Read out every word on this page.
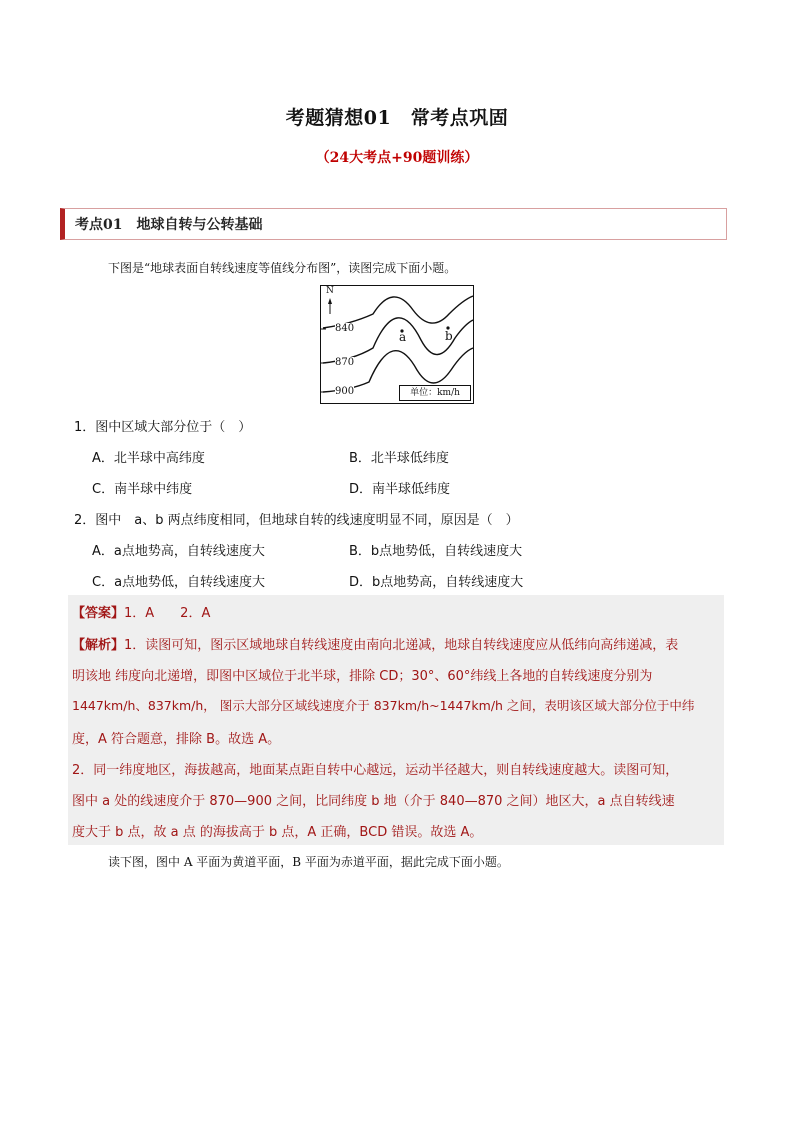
考题猜想01　常考点巩固
（24大考点+90题训练）
考点01　地球自转与公转基础
下图是“地球表面自转线速度等值线分布图”，读图完成下面小题。
N
840
870
900
a	b
单位：km/h
1．图中区域大部分位于（　）
A．北半球中高纬度	B．北半球低纬度
C．南半球中纬度	D．南半球低纬度
2．图中　a、b 两点纬度相同，但地球自转的线速度明显不同，原因是（　）
A．a点地势高，自转线速度大	B．b点地势低，自转线速度大
C．a点地势低，自转线速度大	D．b点地势高，自转线速度大
【答案】1．A　　2．A
【解析】1．读图可知，图示区域地球自转线速度由南向北递减，地球自转线速度应从低纬向高纬递减，表
明该地 纬度向北递增，即图中区域位于北半球，排除 CD；30°、60°纬线上各地的自转线速度分别为
1447km/h、837km/h， 图示大部分区域线速度介于 837km/h~1447km/h 之间，表明该区域大部分位于中纬
度，A 符合题意，排除 B。故选 A。
2．同一纬度地区，海拔越高，地面某点距自转中心越远，运动半径越大，则自转线速度越大。读图可知，
图中 a 处的线速度介于 870—900 之间，比同纬度 b 地（介于 840—870 之间）地区大，a 点自转线速
度大于 b 点，故 a 点 的海拔高于 b 点，A 正确，BCD 错误。故选 A。
读下图，图中 A 平面为黄道平面，B 平面为赤道平面，据此完成下面小题。
